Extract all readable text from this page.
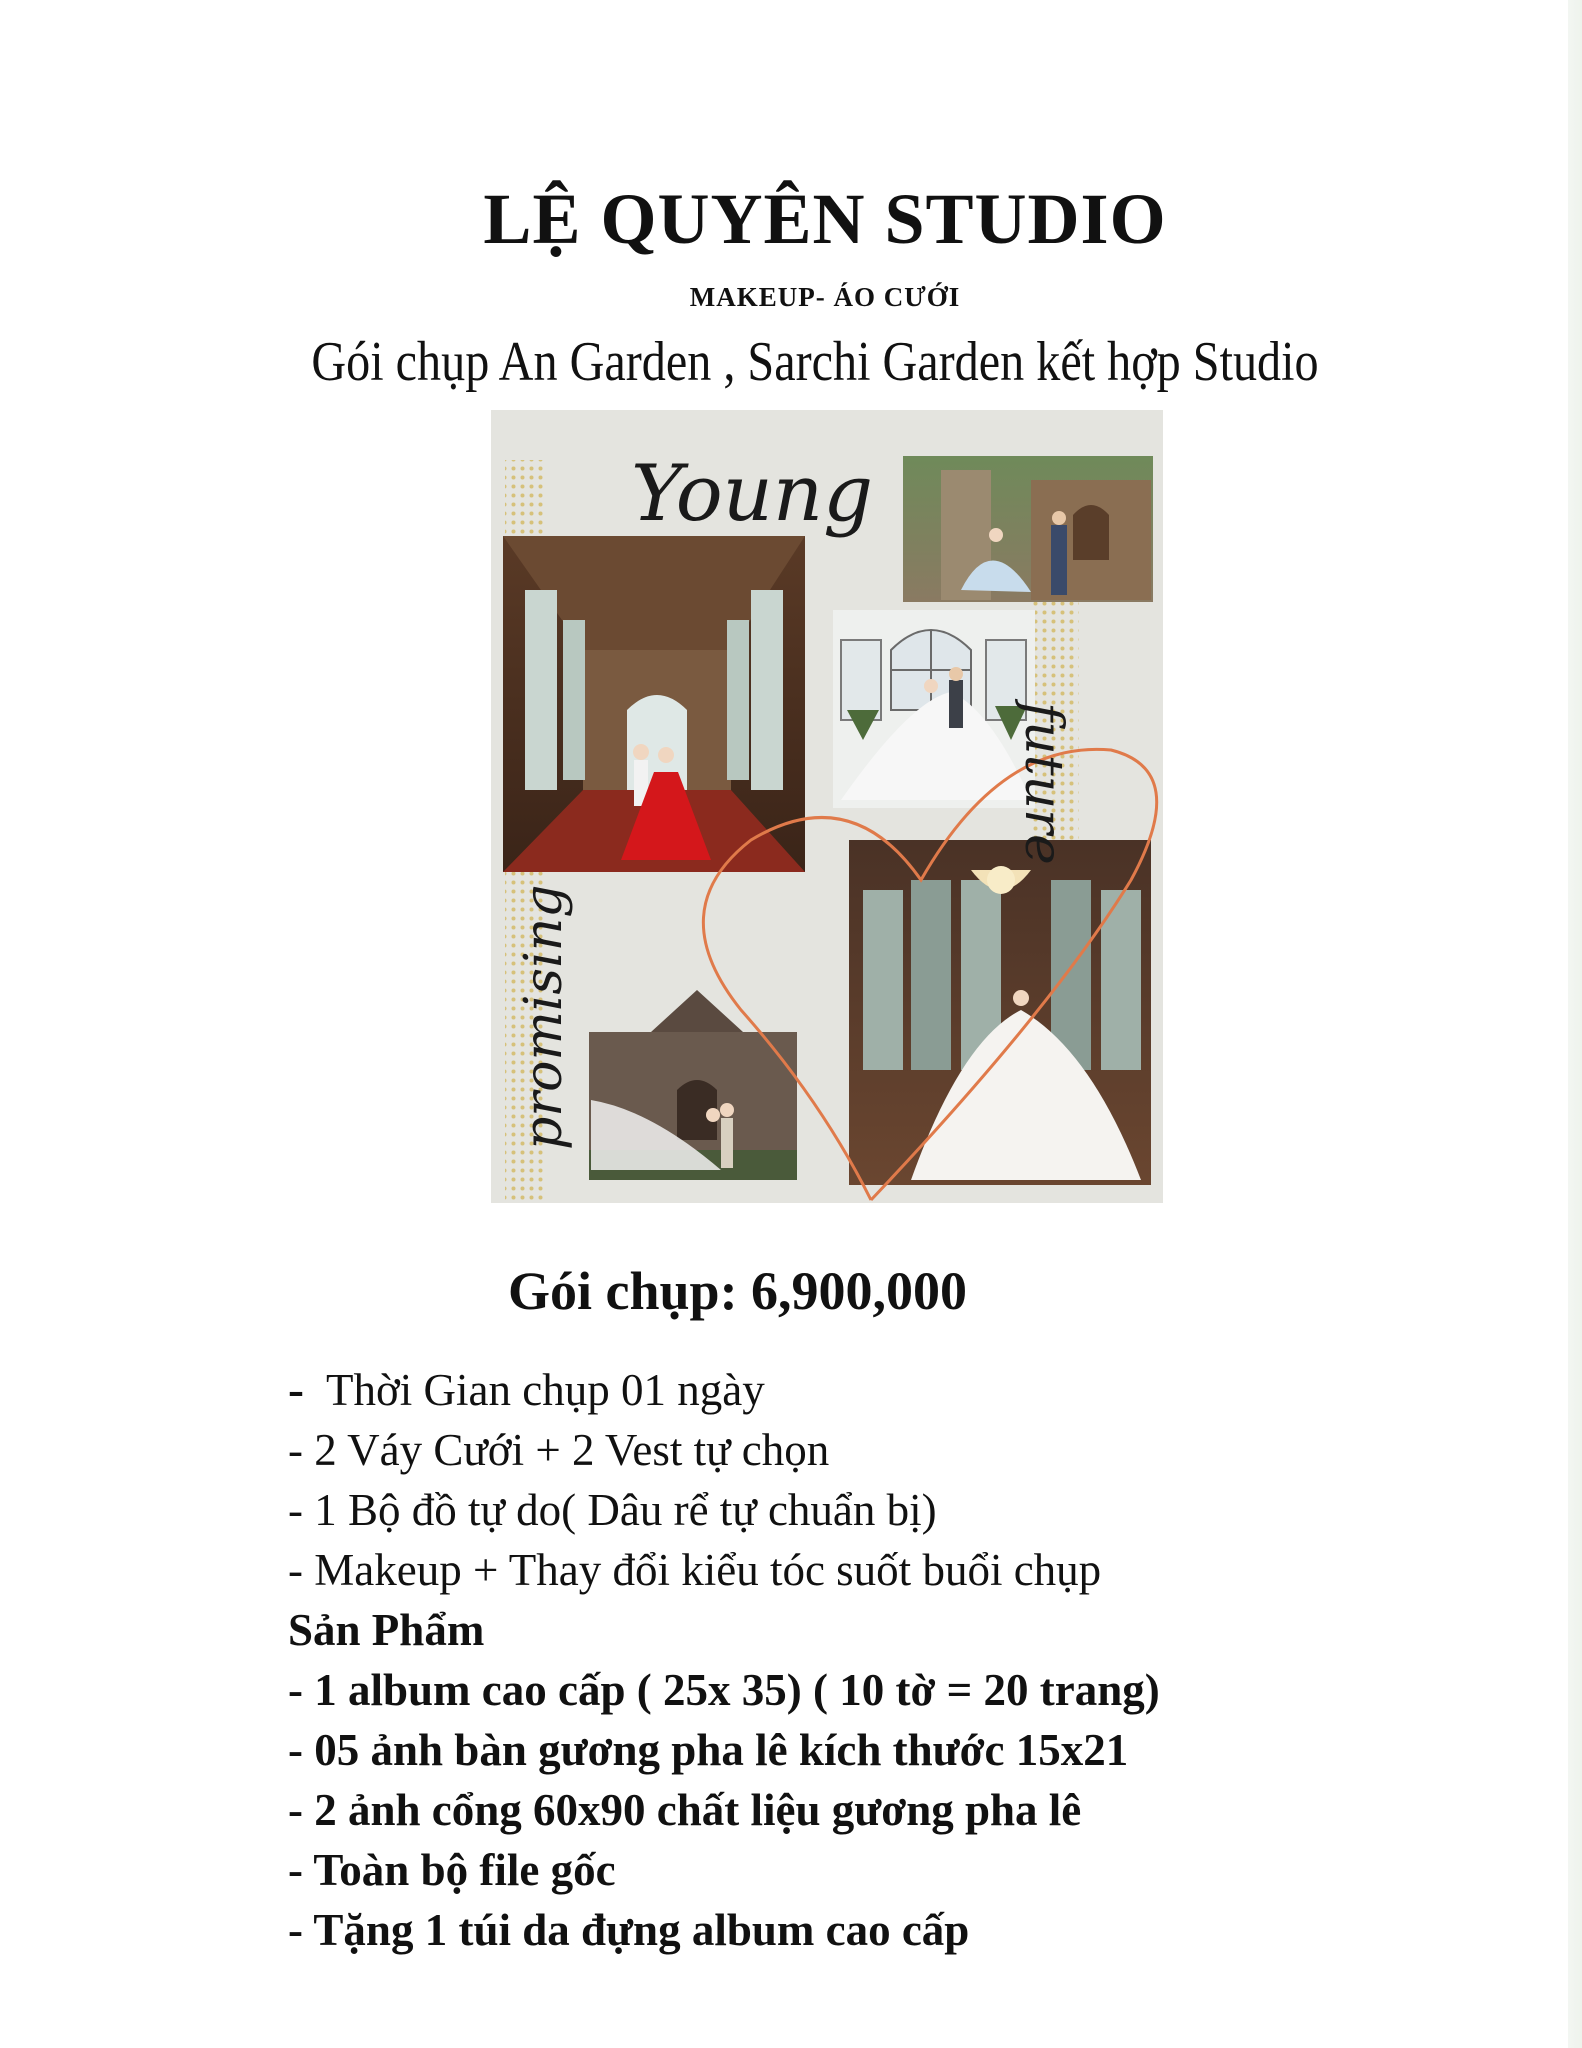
LỆ QUYÊN STUDIO
MAKEUP- ÁO CƯỚI
Gói chụp An Garden , Sarchi Garden kết hợp Studio
Young
future
promising
Gói chụp: 6,900,000
- Thời Gian chụp 01 ngày
- 2 Váy Cưới + 2 Vest tự chọn
- 1 Bộ đồ tự do( Dâu rể tự chuẩn bị)
- Makeup + Thay đổi kiểu tóc suốt buổi chụp
Sản Phẩm
- 1 album cao cấp ( 25x 35) ( 10 tờ = 20 trang)
- 05 ảnh bàn gương pha lê kích thước 15x21
- 2 ảnh cổng 60x90 chất liệu gương pha lê
- Toàn bộ file gốc
- Tặng 1 túi da đựng album cao cấp
